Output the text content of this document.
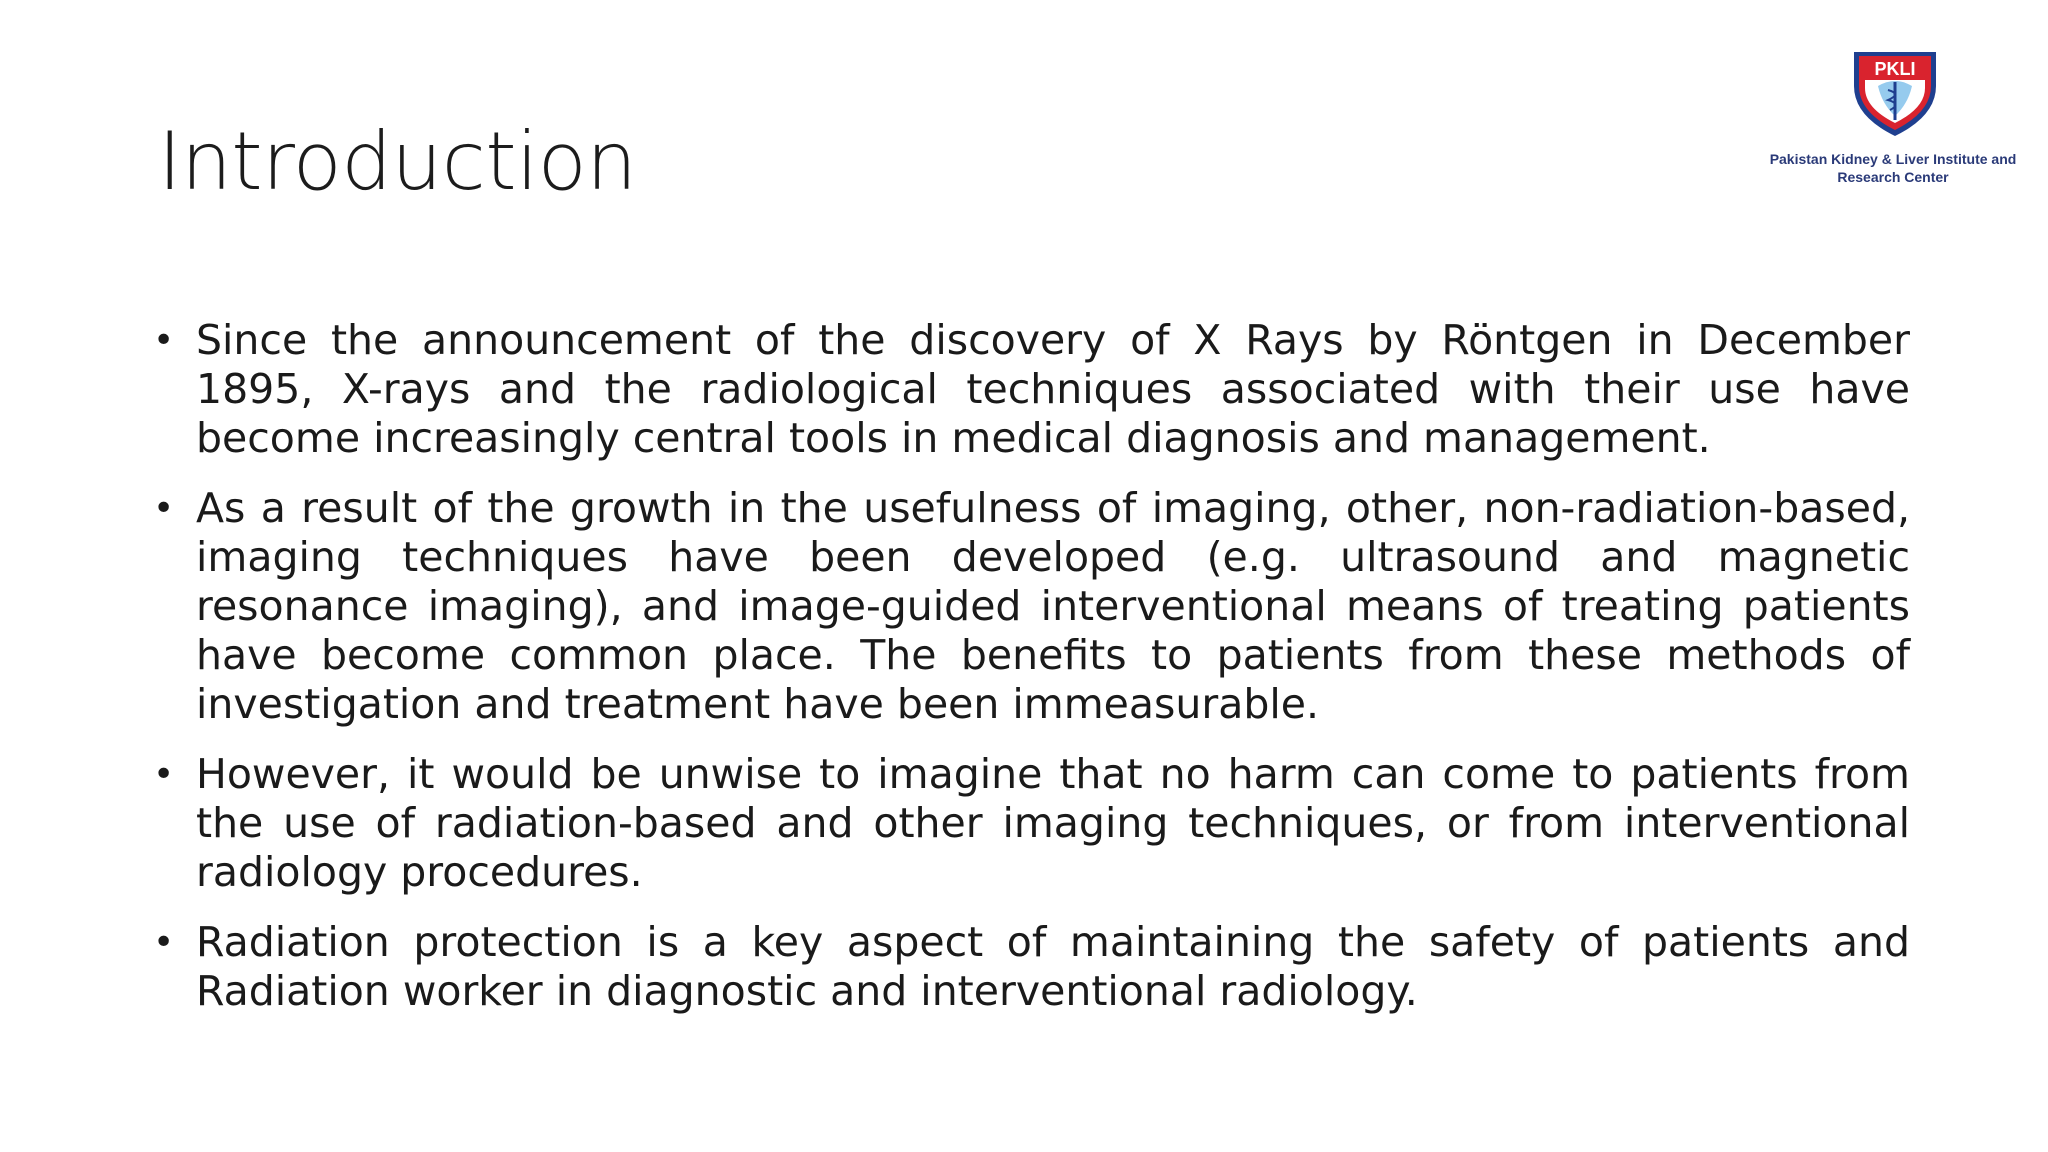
Introduction
PKLI
Pakistan Kidney & Liver Institute and
Research Center
• Since the announcement of the discovery of X Rays by Röntgen in December 1895, X-rays and the radiological techniques associated with their use have become increasingly central tools in medical diagnosis and management.
• As a result of the growth in the usefulness of imaging, other, non-radiation-based, imaging techniques have been developed (e.g. ultrasound and magnetic resonance imaging), and image-guided interventional means of treating patients have become common place. The benefits to patients from these methods of investigation and treatment have been immeasurable.
• However, it would be unwise to imagine that no harm can come to patients from the use of radiation-based and other imaging techniques, or from interventional radiology procedures.
• Radiation protection is a key aspect of maintaining the safety of patients and Radiation worker in diagnostic and interventional radiology.
